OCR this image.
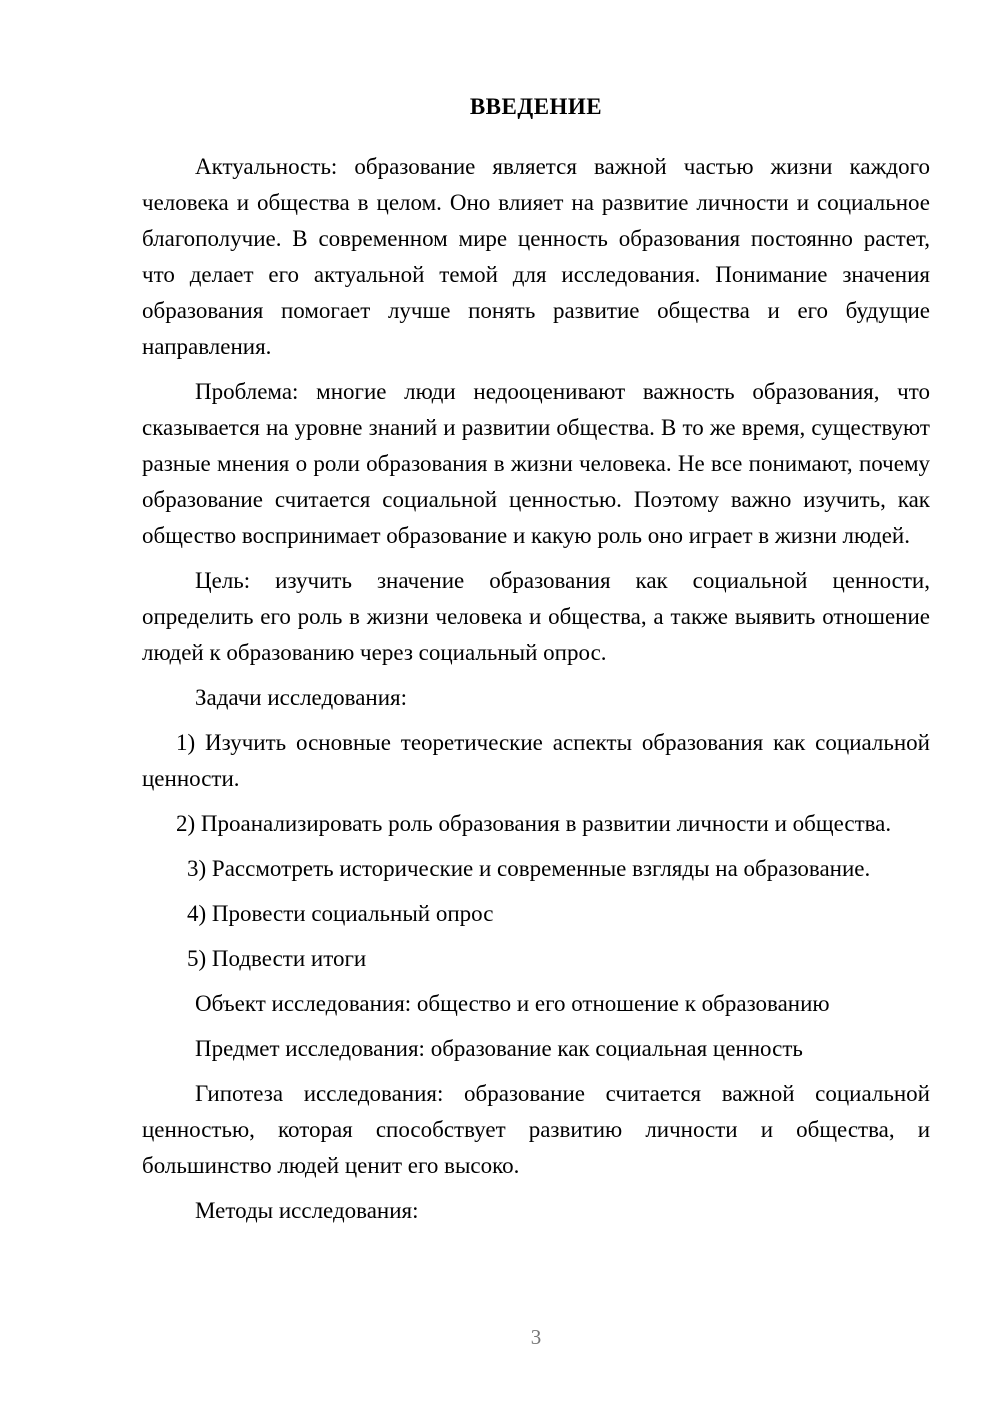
ВВЕДЕНИЕ

Актуальность: образование является важной частью жизни каждого человека и общества в целом. Оно влияет на развитие личности и социальное благополучие. В современном мире ценность образования постоянно растет, что делает его актуальной темой для исследования. Понимание значения образования помогает лучше понять развитие общества и его будущие направления.

Проблема: многие люди недооценивают важность образования, что сказывается на уровне знаний и развитии общества. В то же время, существуют разные мнения о роли образования в жизни человека. Не все понимают, почему образование считается социальной ценностью. Поэтому важно изучить, как общество воспринимает образование и какую роль оно играет в жизни людей.

Цель: изучить значение образования как социальной ценности, определить его роль в жизни человека и общества, а также выявить отношение людей к образованию через социальный опрос.

Задачи исследования:

1) Изучить основные теоретические аспекты образования как социальной ценности.

2) Проанализировать роль образования в развитии личности и общества.

3) Рассмотреть исторические и современные взгляды на образование.

4) Провести социальный опрос

5) Подвести итоги

Объект исследования: общество и его отношение к образованию

Предмет исследования: образование как социальная ценность

Гипотеза исследования: образование считается важной социальной ценностью, которая способствует развитию личности и общества, и большинство людей ценит его высоко.

Методы исследования:

3
